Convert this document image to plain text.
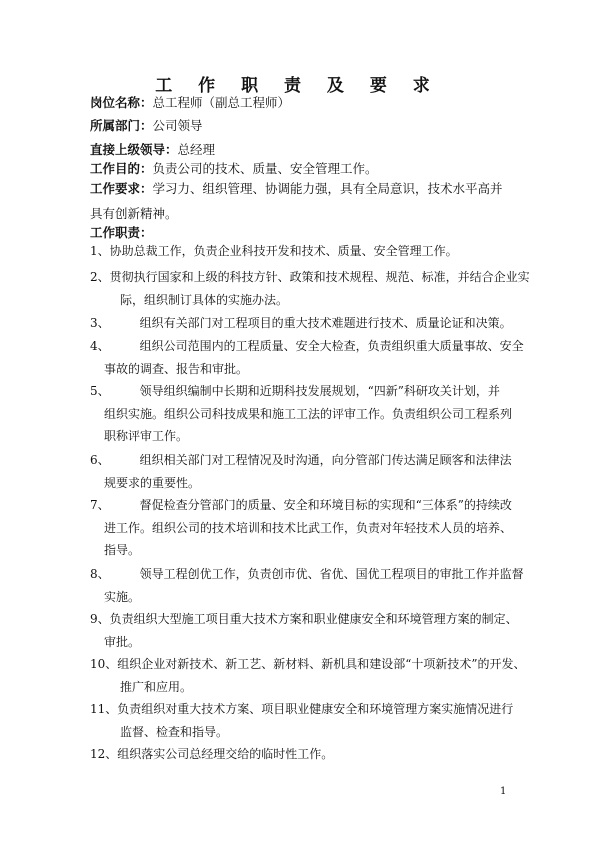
工 作 职 责 及 要 求
岗位名称：总工程师（副总工程师）
所属部门：公司领导
直接上级领导：总经理
工作目的：负责公司的技术、质量、安全管理工作。
工作要求：学习力、组织管理、协调能力强，具有全局意识，技术水平高并具有创新精神。
工作职责：
1、协助总裁工作，负责企业科技开发和技术、质量、安全管理工作。
2、贯彻执行国家和上级的科技方针、政策和技术规程、规范、标准，并结合企业实
际，组织制订具体的实施办法。
3、	组织有关部门对工程项目的重大技术难题进行技术、质量论证和决策。
4、	组织公司范围内的工程质量、安全大检查，负责组织重大质量事故、安全
事故的调查、报告和审批。
5、	领导组织编制中长期和近期科技发展规划，“四新”科研攻关计划，并
组织实施。组织公司科技成果和施工工法的评审工作。负责组织公司工程系列
职称评审工作。
6、	组织相关部门对工程情况及时沟通，向分管部门传达满足顾客和法律法
规要求的重要性。
7、	督促检查分管部门的质量、安全和环境目标的实现和“三体系”的持续改
进工作。组织公司的技术培训和技术比武工作，负责对年轻技术人员的培养、
指导。
8、	领导工程创优工作，负责创市优、省优、国优工程项目的审批工作并监督
实施。
9、负责组织大型施工项目重大技术方案和职业健康安全和环境管理方案的制定、
审批。
10、组织企业对新技术、新工艺、新材料、新机具和建设部“十项新技术”的开发、
推广和应用。
11、负责组织对重大技术方案、项目职业健康安全和环境管理方案实施情况进行
监督、检查和指导。
12、组织落实公司总经理交给的临时性工作。
1
